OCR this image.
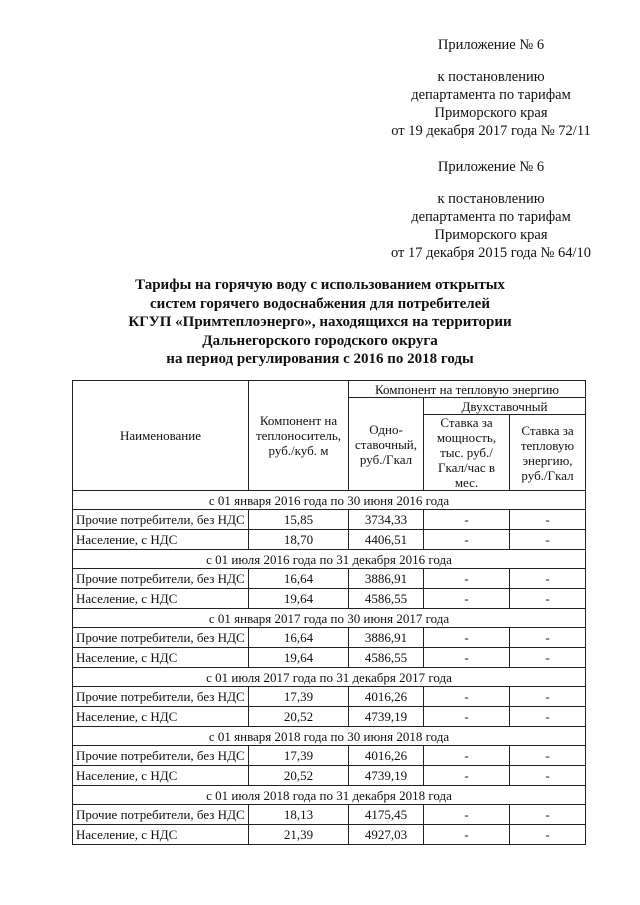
Приложение № 6
к постановлению
департамента по тарифам
Приморского края
от 19 декабря 2017 года № 72/11
Приложение № 6
к постановлению
департамента по тарифам
Приморского края
от 17 декабря 2015 года № 64/10
Тарифы на горячую воду с использованием открытых
систем горячего водоснабжения для потребителей
КГУП «Примтеплоэнерго», находящихся на территории
Дальнегорского городского округа
на период регулирования с 2016 по 2018 годы
Наименование	Компонент на теплоноситель, руб./куб. м	Компонент на тепловую энергию		
		Одно-ставочный, руб./Гкал	Двухставочный	
			Ставка за мощность, тыс. руб./Гкал/час в мес.	Ставка за тепловую энергию, руб./Гкал
с 01 января 2016 года по 30 июня 2016 года				
Прочие потребители, без НДС	15,85	3734,33	-	-
Население, с НДС	18,70	4406,51	-	-
с 01 июля 2016 года по 31 декабря 2016 года				
Прочие потребители, без НДС	16,64	3886,91	-	-
Население, с НДС	19,64	4586,55	-	-
с 01 января 2017 года по 30 июня 2017 года				
Прочие потребители, без НДС	16,64	3886,91	-	-
Население, с НДС	19,64	4586,55	-	-
с 01 июля 2017 года по 31 декабря 2017 года				
Прочие потребители, без НДС	17,39	4016,26	-	-
Население, с НДС	20,52	4739,19	-	-
с 01 января 2018 года по 30 июня 2018 года				
Прочие потребители, без НДС	17,39	4016,26	-	-
Население, с НДС	20,52	4739,19	-	-
с 01 июля 2018 года по 31 декабря 2018 года				
Прочие потребители, без НДС	18,13	4175,45	-	-
Население, с НДС	21,39	4927,03	-	-
